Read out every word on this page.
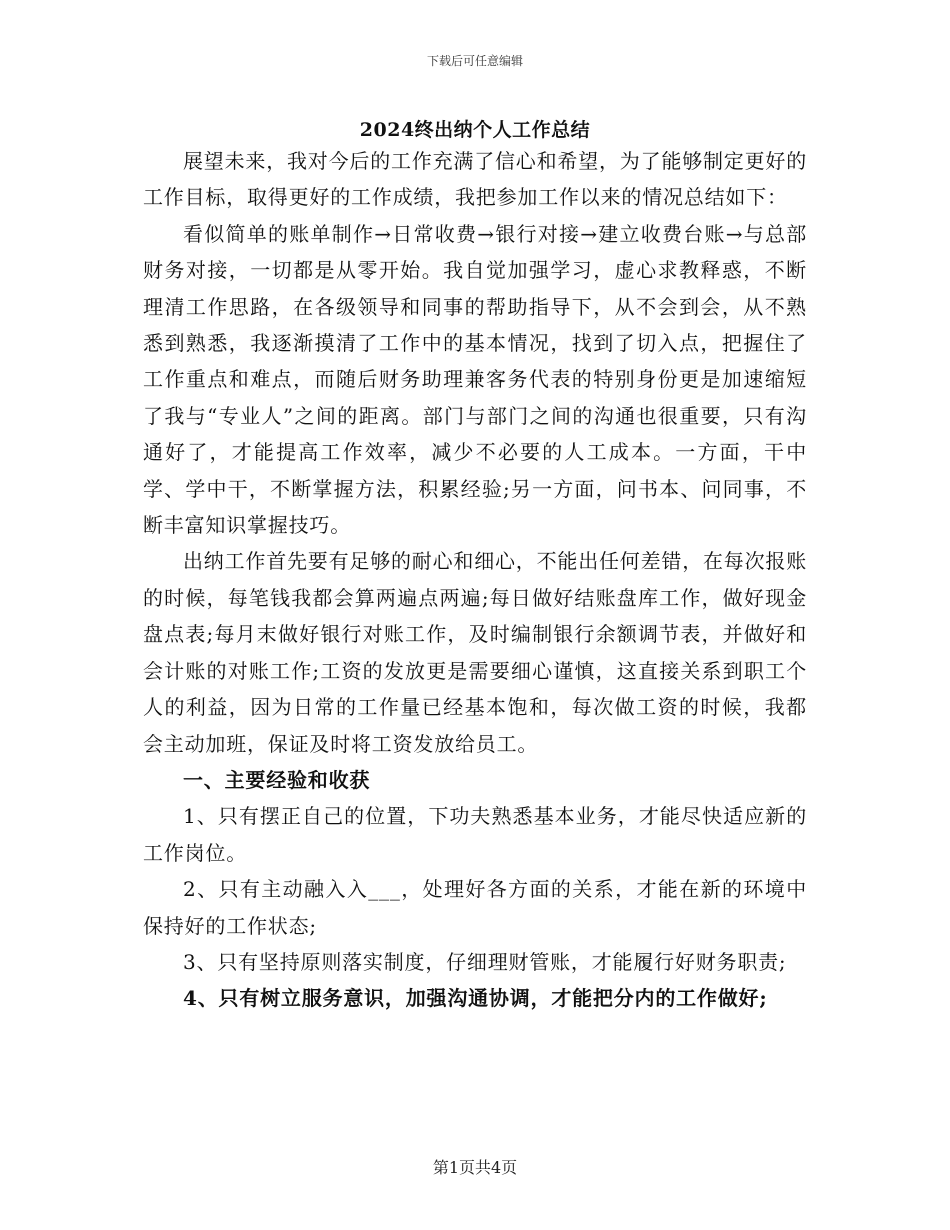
下载后可任意编辑
2024终出纳个人工作总结

展望未来，我对今后的工作充满了信心和希望，为了能够制定更好的工作目标，取得更好的工作成绩，我把参加工作以来的情况总结如下：

看似简单的账单制作→日常收费→银行对接→建立收费台账→与总部财务对接，一切都是从零开始。我自觉加强学习，虚心求教释惑，不断理清工作思路，在各级领导和同事的帮助指导下，从不会到会，从不熟悉到熟悉，我逐渐摸清了工作中的基本情况，找到了切入点，把握住了工作重点和难点，而随后财务助理兼客务代表的特别身份更是加速缩短了我与“专业人”之间的距离。部门与部门之间的沟通也很重要，只有沟通好了，才能提高工作效率，减少不必要的人工成本。一方面，干中学、学中干，不断掌握方法，积累经验;另一方面，问书本、问同事，不断丰富知识掌握技巧。

出纳工作首先要有足够的耐心和细心，不能出任何差错，在每次报账的时候，每笔钱我都会算两遍点两遍;每日做好结账盘库工作，做好现金盘点表;每月末做好银行对账工作，及时编制银行余额调节表，并做好和会计账的对账工作;工资的发放更是需要细心谨慎，这直接关系到职工个人的利益，因为日常的工作量已经基本饱和，每次做工资的时候，我都会主动加班，保证及时将工资发放给员工。

一、主要经验和收获

1、只有摆正自己的位置，下功夫熟悉基本业务，才能尽快适应新的工作岗位。

2、只有主动融入入___，处理好各方面的关系，才能在新的环境中保持好的工作状态;

3、只有坚持原则落实制度，仔细理财管账，才能履行好财务职责;

4、只有树立服务意识，加强沟通协调，才能把分内的工作做好;

第1页共4页
